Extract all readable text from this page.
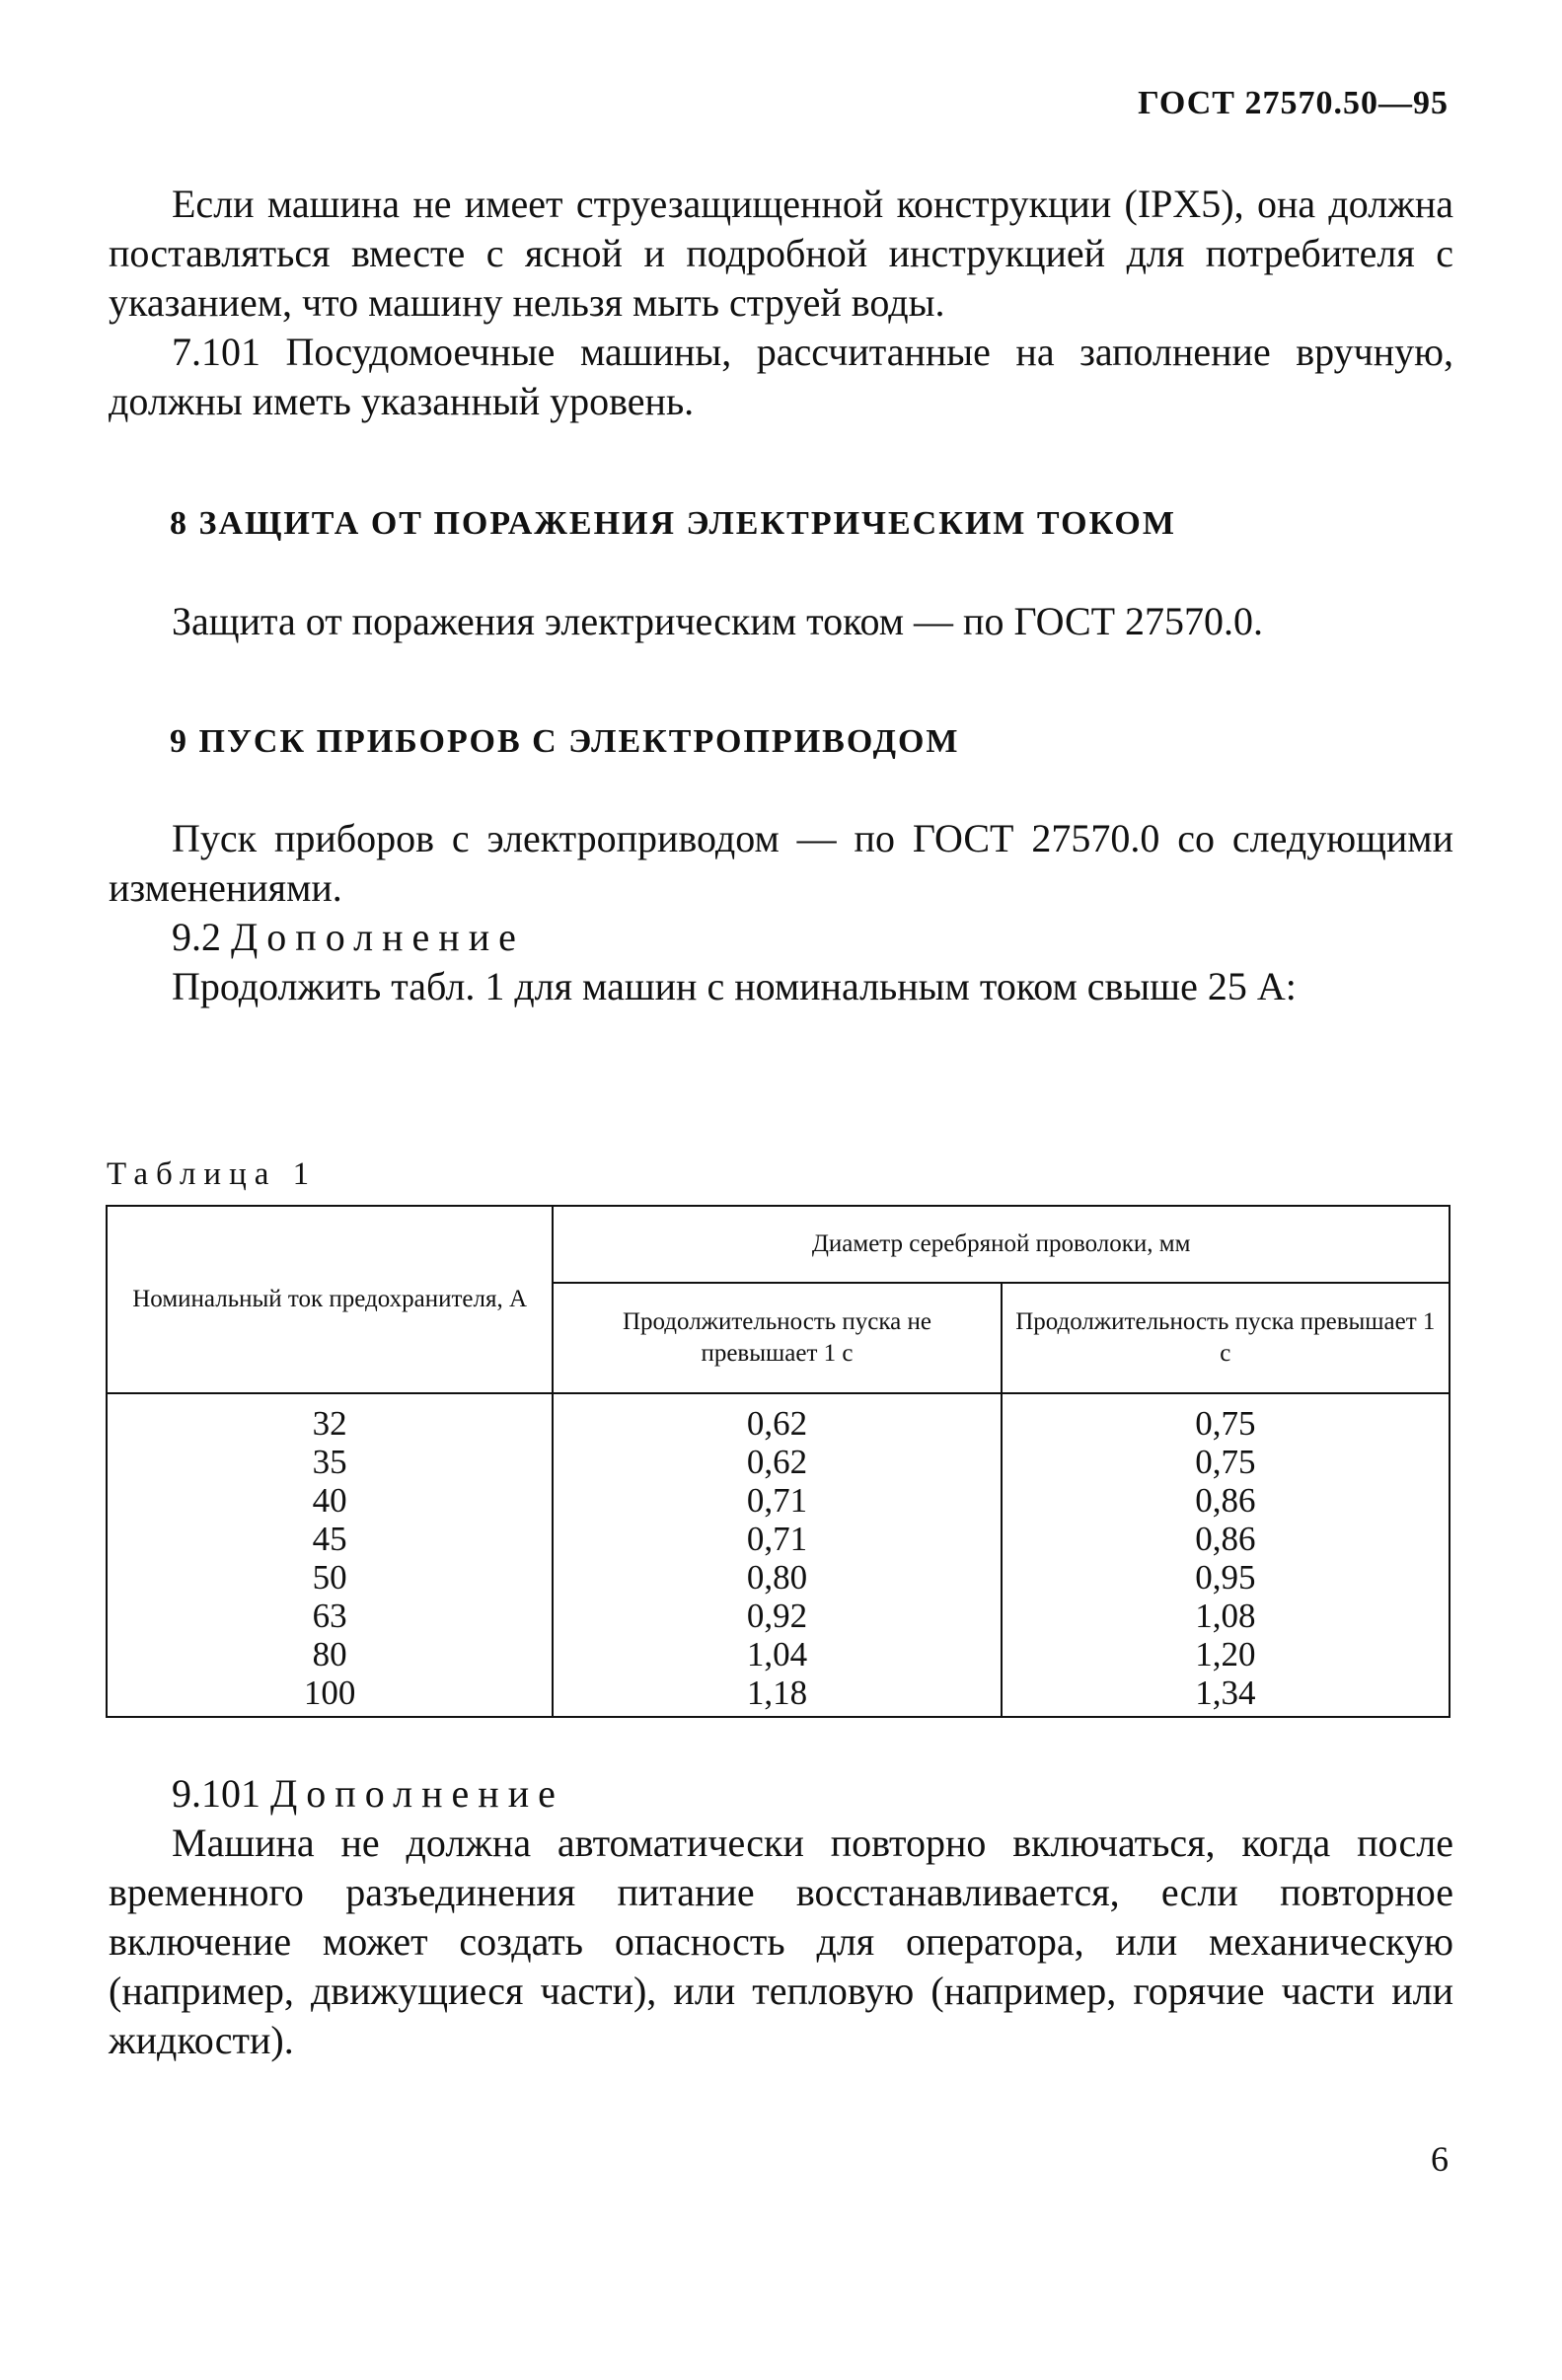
ГОСТ 27570.50—95
Если машина не имеет струезащищенной конструкции (IPX5), она должна поставляться вместе с ясной и подробной инструкцией для потребителя с указанием, что машину нельзя мыть струей воды.
7.101 Посудомоечные машины, рассчитанные на заполнение вручную, должны иметь указанный уровень.
8 ЗАЩИТА ОТ ПОРАЖЕНИЯ ЭЛЕКТРИЧЕСКИМ ТОКОМ
Защита от поражения электрическим током — по ГОСТ 27570.0.
9 ПУСК ПРИБОРОВ С ЭЛЕКТРОПРИВОДОМ
Пуск приборов с электроприводом — по ГОСТ 27570.0 со следующими изменениями.
9.2 Дополнение
Продолжить табл. 1 для машин с номинальным током свыше 25 А:
Таблица 1
Номинальный ток предохранителя, А	Диаметр серебряной проволоки, мм	
	Продолжительность пуска не превышает 1 с	Продолжительность пуска превышает 1 с
32	0,62	0,75
35	0,62	0,75
40	0,71	0,86
45	0,71	0,86
50	0,80	0,95
63	0,92	1,08
80	1,04	1,20
100	1,18	1,34
9.101 Дополнение
Машина не должна автоматически повторно включаться, когда после временного разъединения питание восстанавливается, если повторное включение может создать опасность для оператора, или механическую (например, движущиеся части), или тепловую (например, горячие части или жидкости).
6
